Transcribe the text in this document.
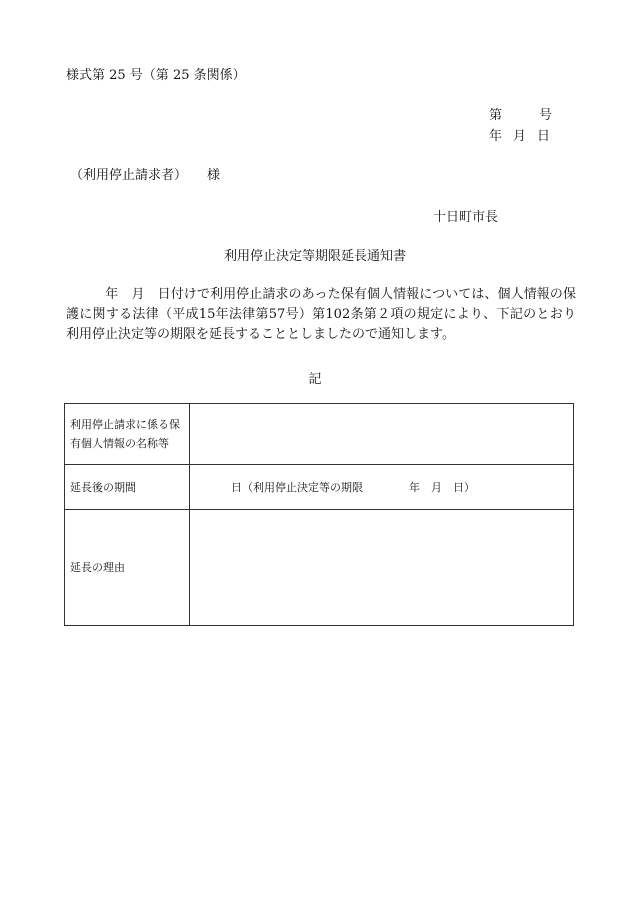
様式第 25 号（第 25 条関係）
第	号
年 月 日
（利用停止請求者） 様
十日町市長
利用停止決定等期限延長通知書
　　　年　月　日付けで利用停止請求のあった保有個人情報については、個人情報の保護に関する法律（平成15年法律第57号）第102条第２項の規定により、下記のとおり利用停止決定等の期限を延長することとしましたので通知します。
記
利用停止請求に係る保有個人情報の名称等	
延長後の期間	日（利用停止決定等の期限 年　月　日）
延長の理由	
